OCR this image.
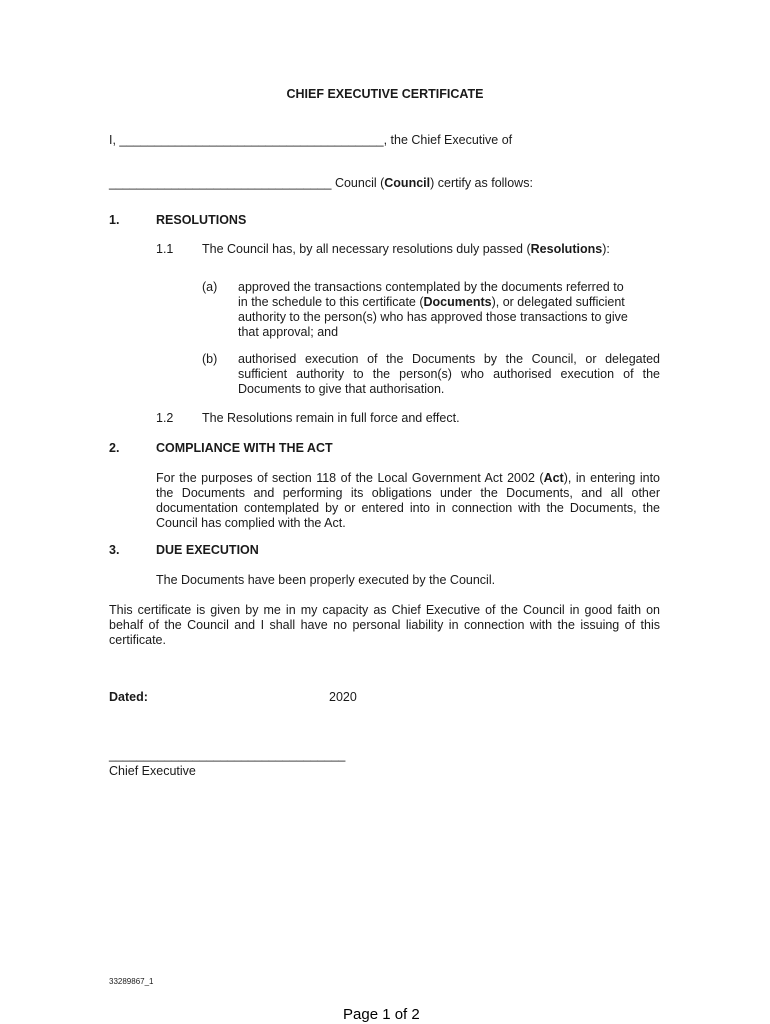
CHIEF EXECUTIVE CERTIFICATE
I, ______________________________________, the Chief Executive of
________________________________ Council (Council) certify as follows:
1.	RESOLUTIONS
1.1 The Council has, by all necessary resolutions duly passed (Resolutions):
(a) approved the transactions contemplated by the documents referred to
in the schedule to this certificate (Documents), or delegated sufficient
authority to the person(s) who has approved those transactions to give
that approval; and
(b) authorised execution of the Documents by the Council, or delegated sufficient authority to the person(s) who authorised execution of the Documents to give that authorisation.
1.2 The Resolutions remain in full force and effect.
2.	COMPLIANCE WITH THE ACT
For the purposes of section 118 of the Local Government Act 2002 (Act), in entering into the Documents and performing its obligations under the Documents, and all other documentation contemplated by or entered into in connection with the Documents, the Council has complied with the Act.
3.	DUE EXECUTION
The Documents have been properly executed by the Council.
This certificate is given by me in my capacity as Chief Executive of the Council in good faith on behalf of the Council and I shall have no personal liability in connection with the issuing of this certificate.
Dated:	2020
__________________________________
Chief Executive
33289867_1
Page 1 of 2
